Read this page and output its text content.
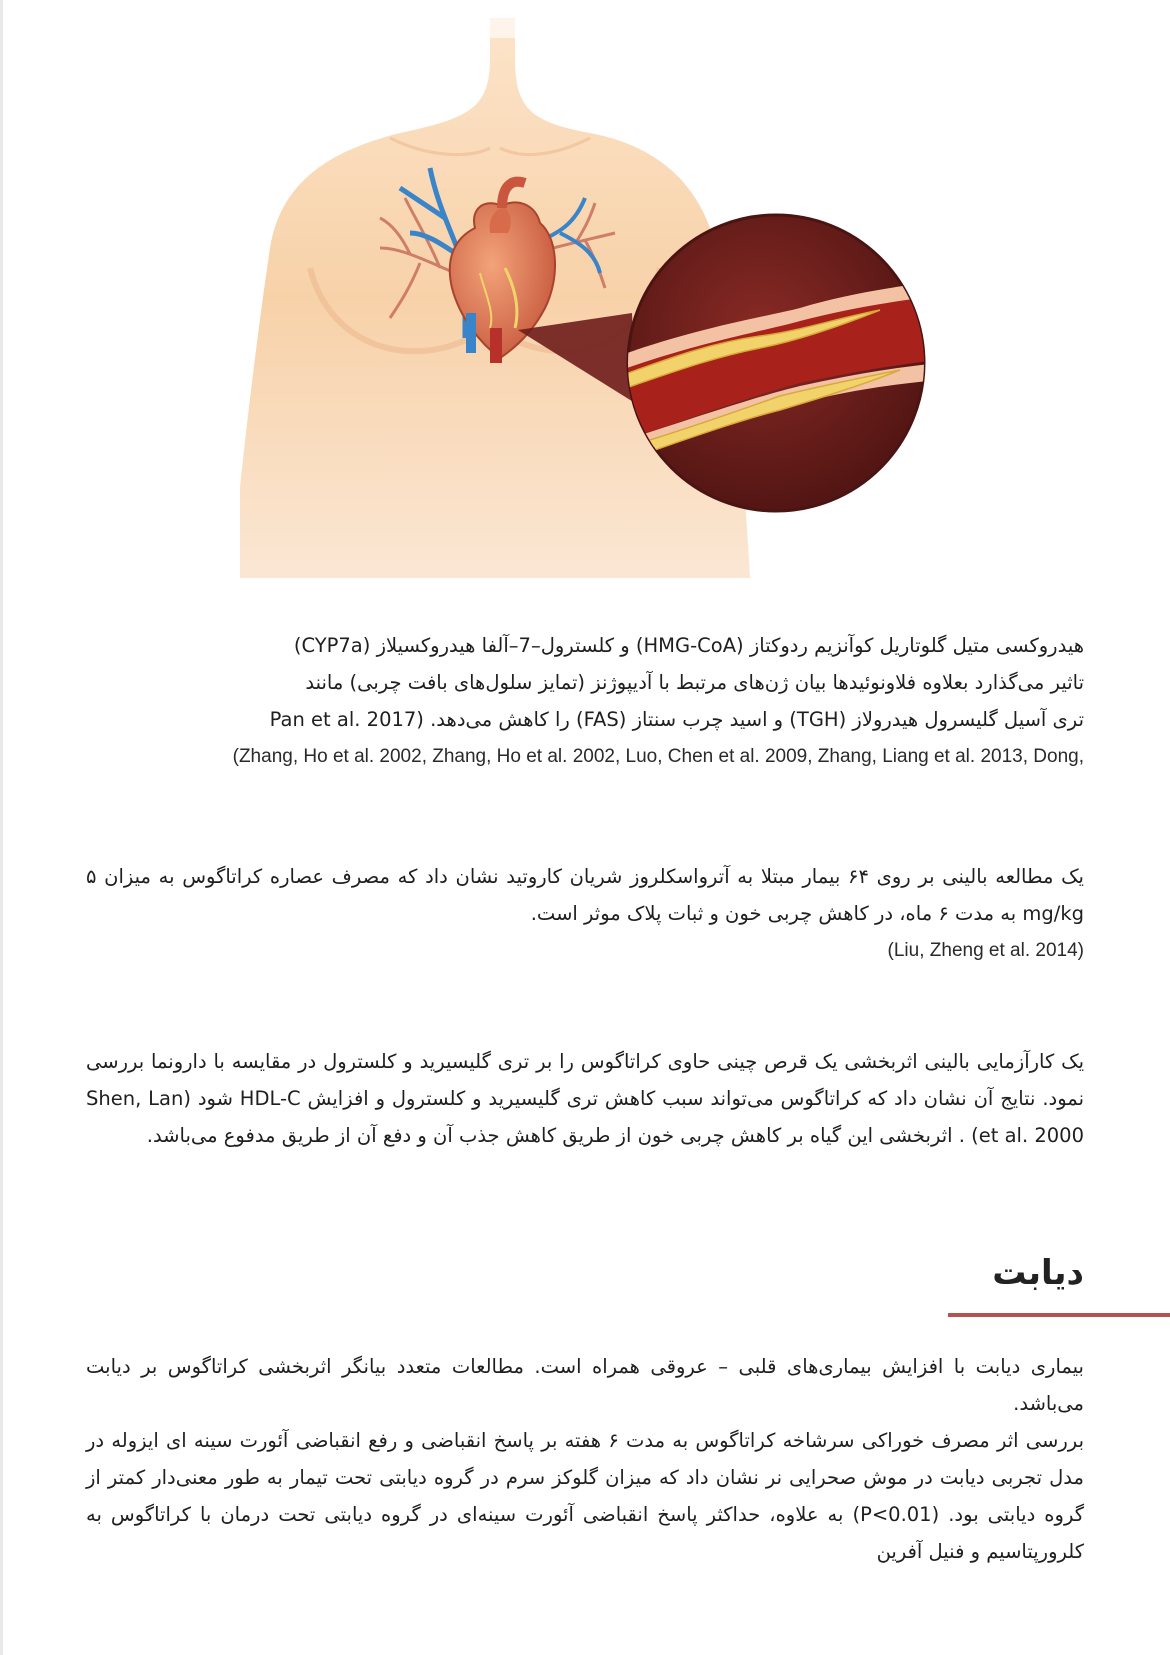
هیدروکسی متیل گلوتاریل کوآنزیم ردوکتاز (HMG-CoA) و کلسترول–7–آلفا هیدروکسیلاز (CYP7a)

تاثیر می‌گذارد بعلاوه فلاونوئیدها بیان ژن‌های مرتبط با آدیپوژنز (تمایز سلول‌های بافت چربی) مانند

تری آسیل گلیسرول هیدرولاز (TGH) و اسید چرب سنتاز (FAS) را کاهش می‌دهد. (Pan et al. 2017

(Zhang, Ho et al. 2002, Zhang, Ho et al. 2002, Luo, Chen et al. 2009, Zhang, Liang et al. 2013, Dong,

یک مطالعه بالینی بر روی ۶۴ بیمار مبتلا به آترواسکلروز شریان کاروتید نشان داد که مصرف عصاره کراتاگوس به میزان ۵ mg/kg به مدت ۶ ماه، در کاهش چربی خون و ثبات پلاک موثر است.

(Liu, Zheng et al. 2014)

یک کارآزمایی بالینی اثربخشی یک قرص چینی حاوی کراتاگوس را بر تری گلیسیرید و کلسترول در مقایسه با دارونما بررسی نمود. نتایج آن نشان داد که کراتاگوس می‌تواند سبب کاهش تری گلیسیرید و کلسترول و افزایش HDL-C شود (Shen, Lan et al. 2000) . اثربخشی این گیاه بر کاهش چربی خون از طریق کاهش جذب آن و دفع آن از طریق مدفوع می‌باشد.

دیابت

بیماری دیابت با افزایش بیماری‌های قلبی – عروقی همراه است. مطالعات متعدد بیانگر اثربخشی کراتاگوس بر دیابت می‌باشد.

بررسی اثر مصرف خوراکی سرشاخه کراتاگوس به مدت ۶ هفته بر پاسخ انقباضی و رفع انقباضی آئورت سینه ای ایزوله در مدل تجربی دیابت در موش صحرایی نر نشان داد که میزان گلوکز سرم در گروه دیابتی تحت تیمار به طور معنی‌دار کمتر از گروه دیابتی بود. (P<0.01) به علاوه، حداکثر پاسخ انقباضی آئورت سینه‌ای در گروه دیابتی تحت درمان با کراتاگوس به کلرورپتاسیم و فنیل آفرین
